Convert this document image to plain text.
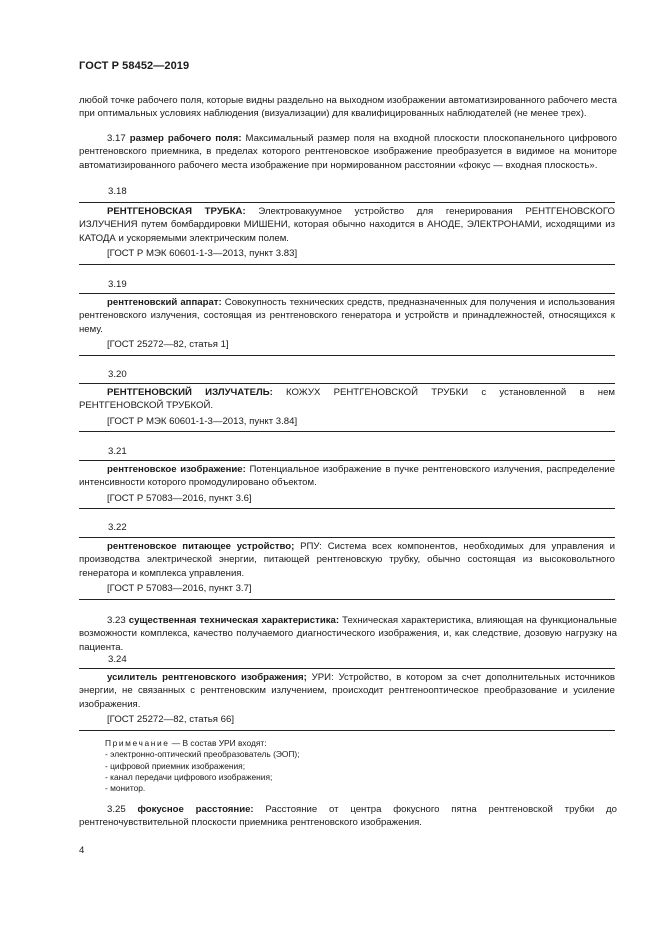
ГОСТ Р 58452—2019

любой точке рабочего поля, которые видны раздельно на выходном изображении автоматизированного рабочего места при оптимальных условиях наблюдения (визуализации) для квалифицированных наблюдателей (не менее трех).

3.17 размер рабочего поля: Максимальный размер поля на входной плоскости плоскопанельного цифрового рентгеновского приемника, в пределах которого рентгеновское изображение преобразуется в видимое на мониторе автоматизированного рабочего места изображение при нормированном расстоянии «фокус — входная плоскость».

3.18

РЕНТГЕНОВСКАЯ ТРУБКА: Электровакуумное устройство для генерирования РЕНТГЕНОВСКОГО ИЗЛУЧЕНИЯ путем бомбардировки МИШЕНИ, которая обычно находится в АНОДЕ, ЭЛЕКТРОНАМИ, исходящими из КАТОДА и ускоряемыми электрическим полем.

[ГОСТ Р МЭК 60601-1-3—2013, пункт 3.83]

3.19

рентгеновский аппарат: Совокупность технических средств, предназначенных для получения и использования рентгеновского излучения, состоящая из рентгеновского генератора и устройств и принадлежностей, относящихся к нему.

[ГОСТ 25272—82, статья 1]

3.20

РЕНТГЕНОВСКИЙ ИЗЛУЧАТЕЛЬ: КОЖУХ РЕНТГЕНОВСКОЙ ТРУБКИ с установленной в нем РЕНТГЕНОВСКОЙ ТРУБКОЙ.

[ГОСТ Р МЭК 60601-1-3—2013, пункт 3.84]

3.21

рентгеновское изображение: Потенциальное изображение в пучке рентгеновского излучения, распределение интенсивности которого промодулировано объектом.

[ГОСТ Р 57083—2016, пункт 3.6]

3.22

рентгеновское питающее устройство; РПУ: Система всех компонентов, необходимых для управления и производства электрической энергии, питающей рентгеновскую трубку, обычно состоящая из высоковольтного генератора и комплекса управления.

[ГОСТ Р 57083—2016, пункт 3.7]

3.23 существенная техническая характеристика: Техническая характеристика, влияющая на функциональные возможности комплекса, качество получаемого диагностического изображения, и, как следствие, дозовую нагрузку на пациента.

3.24

усилитель рентгеновского изображения; УРИ: Устройство, в котором за счет дополнительных источников энергии, не связанных с рентгеновским излучением, происходит рентгенооптическое преобразование и усиление изображения.

[ГОСТ 25272—82, статья 66]

Примечание — В состав УРИ входят:
- электронно-оптический преобразователь (ЭОП);
- цифровой приемник изображения;
- канал передачи цифрового изображения;
- монитор.

3.25 фокусное расстояние: Расстояние от центра фокусного пятна рентгеновской трубки до рентгеночувствительной плоскости приемника рентгеновского изображения.

4
